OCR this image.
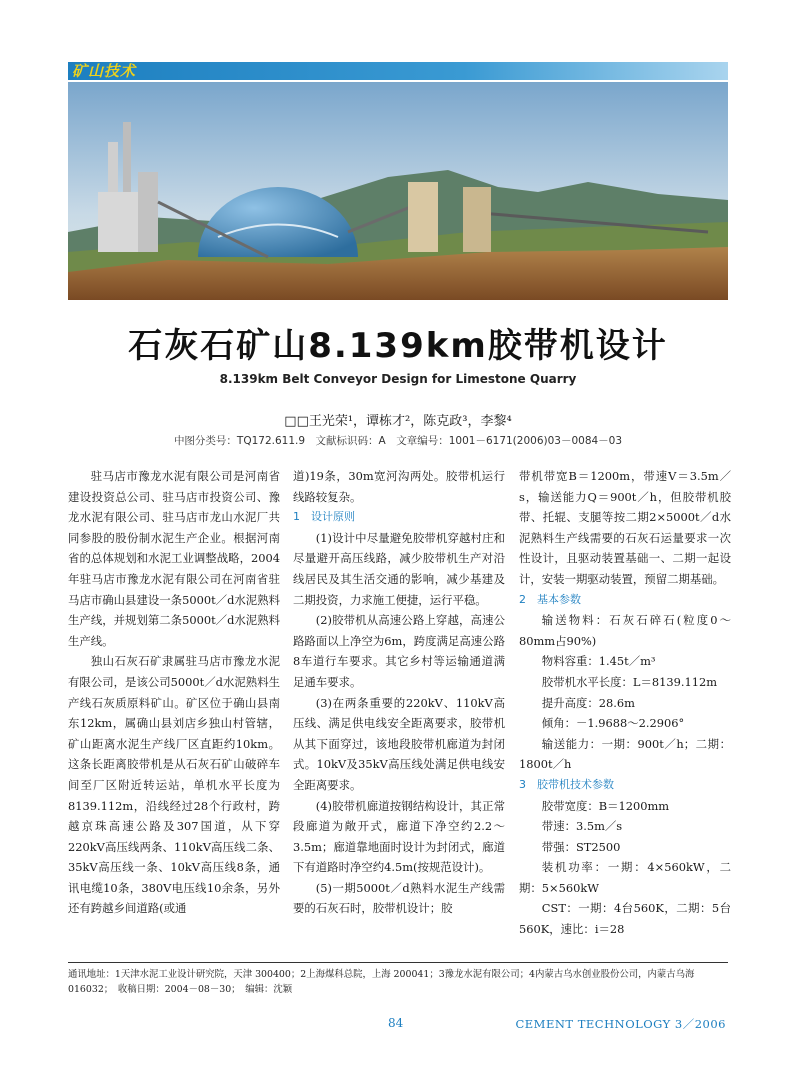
矿山技术
石灰石矿山8.139km胶带机设计
8.139km Belt Conveyor Design for Limestone Quarry
□□王光荣¹，谭栋才²，陈克政³，李黎⁴
中图分类号：TQ172.611.9　文献标识码：A　文章编号：1001－6171(2006)03－0084－03

驻马店市豫龙水泥有限公司是河南省建设投资总公司、驻马店市投资公司、豫龙水泥有限公司、驻马店市龙山水泥厂共同参股的股份制水泥生产企业。根据河南省的总体规划和水泥工业调整战略，2004年驻马店市豫龙水泥有限公司在河南省驻马店市确山县建设一条5000t／d水泥熟料生产线，并规划第二条5000t／d水泥熟料生产线。

独山石灰石矿隶属驻马店市豫龙水泥有限公司，是该公司5000t／d水泥熟料生产线石灰质原料矿山。矿区位于确山县南东12km，属确山县刘店乡独山村管辖，矿山距离水泥生产线厂区直距约10km。这条长距离胶带机是从石灰石矿山破碎车间至厂区附近转运站，单机水平长度为8139.112m，沿线经过28个行政村，跨越京珠高速公路及307国道，从下穿220kV高压线两条、110kV高压线二条、35kV高压线一条、10kV高压线8条，通讯电缆10条，380V电压线10余条，另外还有跨越乡间道路(或通

道)19条，30m宽河沟两处。胶带机运行线路较复杂。

1　设计原则

(1)设计中尽量避免胶带机穿越村庄和尽量避开高压线路，减少胶带机生产对沿线居民及其生活交通的影响，减少基建及二期投资，力求施工便捷，运行平稳。

(2)胶带机从高速公路上穿越，高速公路路面以上净空为6m，跨度满足高速公路8车道行车要求。其它乡村等运输通道满足通车要求。

(3)在两条重要的220kV、110kV高压线、满足供电线安全距离要求，胶带机从其下面穿过，该地段胶带机廊道为封闭式。10kV及35kV高压线处满足供电线安全距离要求。

(4)胶带机廊道按钢结构设计，其正常段廊道为敞开式，廊道下净空约2.2～3.5m；廊道靠地面时设计为封闭式，廊道下有道路时净空约4.5m(按规范设计)。

(5)一期5000t／d熟料水泥生产线需要的石灰石时，胶带机设计；胶

带机带宽B＝1200m，带速V＝3.5m／s，输送能力Q＝900t／h，但胶带机胶带、托辊、支腿等按二期2×5000t／d水泥熟料生产线需要的石灰石运量要求一次性设计，且驱动装置基础一、二期一起设计，安装一期驱动装置，预留二期基础。

2　基本参数

输送物料：石灰石碎石(粒度0～80mm占90%)

物料容重：1.45t／m³

胶带机水平长度：L＝8139.112m

提升高度：28.6m

倾角：－1.9688～2.2906°

输送能力：一期：900t／h；二期：1800t／h

3　胶带机技术参数

胶带宽度：B＝1200mm

带速：3.5m／s

带强：ST2500

装机功率：一期：4×560kW，二期：5×560kW

CST：一期：4台560K，二期：5台560K，速比：i＝28

通讯地址：1天津水泥工业设计研究院，天津 300400；2上海煤科总院，上海 200041；3豫龙水泥有限公司；4内蒙古乌水创业股份公司，内蒙古乌海 016032；　收稿日期：2004－08－30；　编辑：沈颖
84	CEMENT TECHNOLOGY 3／2006
